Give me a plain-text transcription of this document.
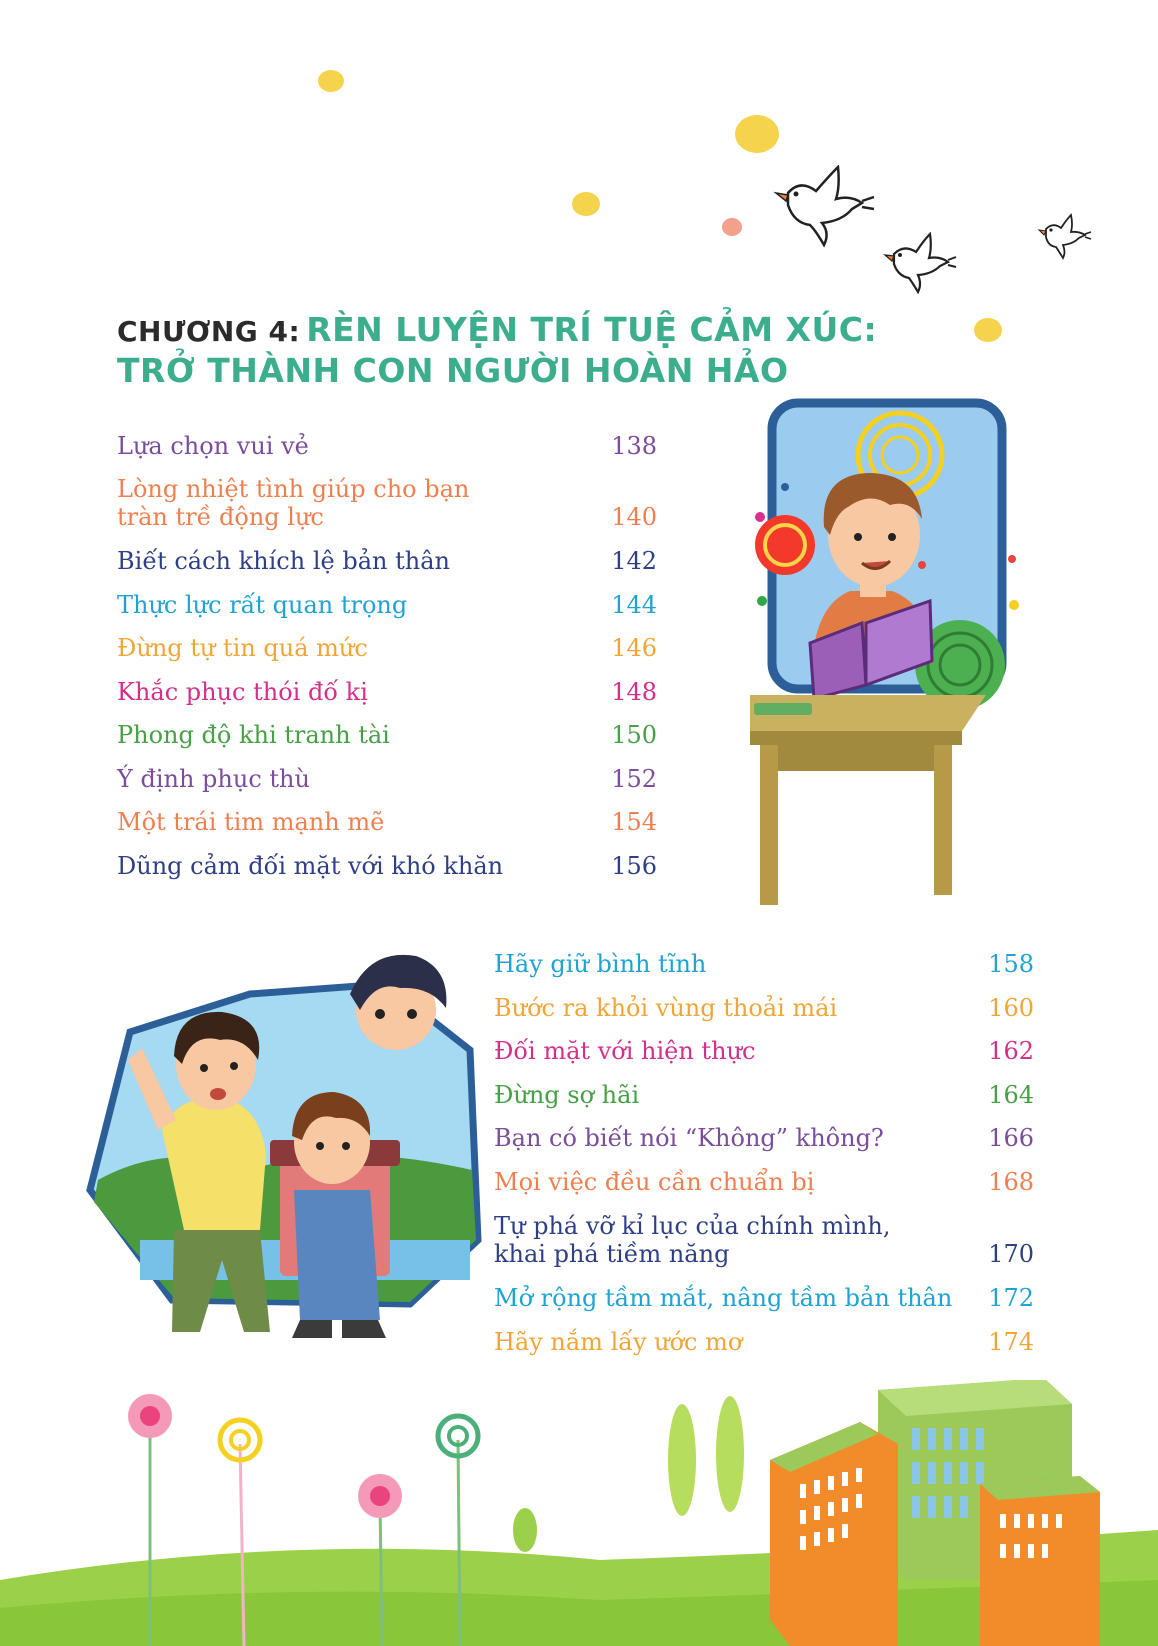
CHƯƠNG 4: RÈN LUYỆN TRÍ TUỆ CẢM XÚC:
TRỞ THÀNH CON NGƯỜI HOÀN HẢO
Lựa chọn vui vẻ	138
Lòng nhiệt tình giúp cho bạn
tràn trề động lực	140
Biết cách khích lệ bản thân	142
Thực lực rất quan trọng	144
Đừng tự tin quá mức	146
Khắc phục thói đố kị	148
Phong độ khi tranh tài	150
Ý định phục thù	152
Một trái tim mạnh mẽ	154
Dũng cảm đối mặt với khó khăn	156
Hãy giữ bình tĩnh	158
Bước ra khỏi vùng thoải mái	160
Đối mặt với hiện thực	162
Đừng sợ hãi	164
Bạn có biết nói “Không” không?	166
Mọi việc đều cần chuẩn bị	168
Tự phá vỡ kỉ lục của chính mình,
khai phá tiềm năng	170
Mở rộng tầm mắt, nâng tầm bản thân 172
Hãy nắm lấy ước mơ	174
